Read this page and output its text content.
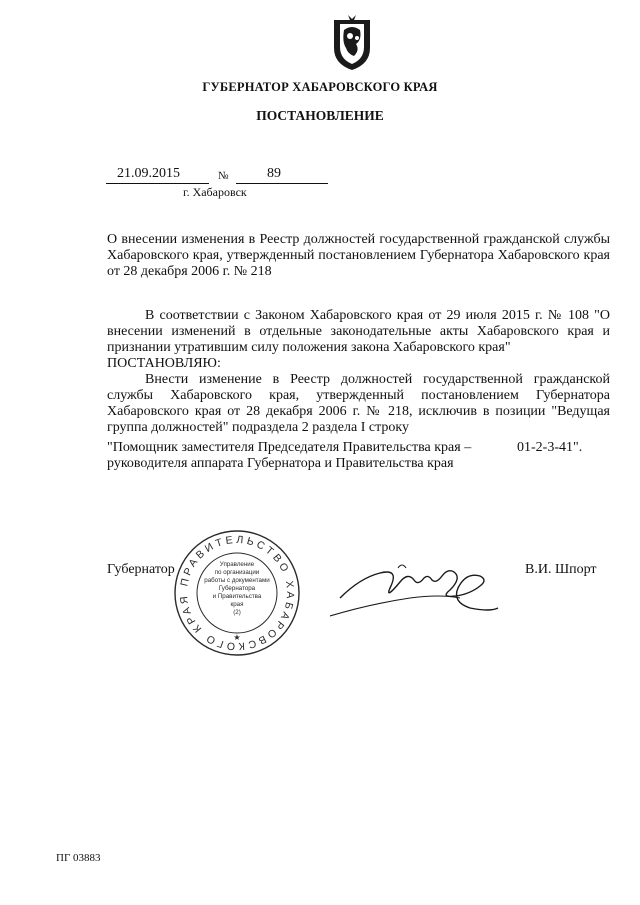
ГУБЕРНАТОР ХАБАРОВСКОГО КРАЯ
ПОСТАНОВЛЕНИЕ
21.09.2015	№	89
г. Хабаровск
О внесении изменения в Реестр должностей государственной гражданской службы Хабаровского края, утвержденный постановлением Губернатора Хабаровского края от 28 декабря 2006 г. № 218

В соответствии с Законом Хабаровского края от 29 июля 2015 г. № 108 "О внесении изменений в отдельные законодательные акты Хабаровского края и признании утратившим силу положения закона Хабаровского края"

ПОСТАНОВЛЯЮ:

Внести изменение в Реестр должностей государственной гражданской службы Хабаровского края, утвержденный постановлением Губернатора Хабаровского края от 28 декабря 2006 г. № 218, исключив в позиции "Ведущая группа должностей" подраздела 2 раздела I строку

"Помощник заместителя Председателя Правительства края – руководителя аппарата Губернатора и Правительства края
01-2-3-41".
Губернатор	В.И. Шпорт
ПРАВИТЕЛЬСТВО ХАБАРОВСКОГО КРАЯ
★
Управление
по организации
работы с документами
Губернатора
и Правительства
края
(2)
ПГ 03883
